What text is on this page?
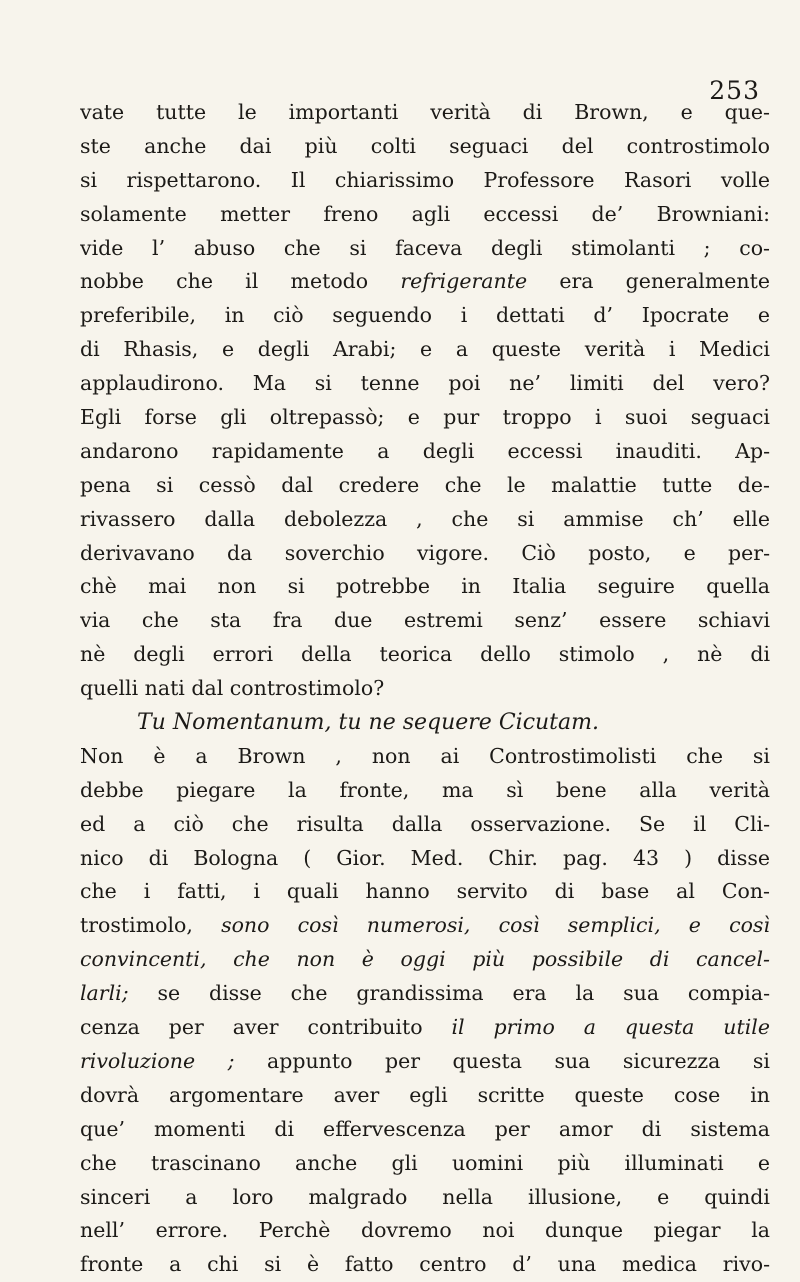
253
vate tutte le importanti verità di Brown, e que-
ste anche dai più colti seguaci del controstimolo
si rispettarono. Il chiarissimo Professore Rasori volle
solamente metter freno agli eccessi de’ Browniani:
vide l’ abuso che si faceva degli stimolanti ; co-
nobbe che il metodo refrigerante era generalmente
preferibile, in ciò seguendo i dettati d’ Ipocrate e
di Rhasis, e degli Arabi; e a queste verità i Medici
applaudirono. Ma si tenne poi ne’ limiti del vero?
Egli forse gli oltrepassò; e pur troppo i suoi seguaci
andarono rapidamente a degli eccessi inauditi. Ap-
pena si cessò dal credere che le malattie tutte de-
rivassero dalla debolezza , che si ammise ch’ elle
derivavano da soverchio vigore. Ciò posto, e per-
chè mai non si potrebbe in Italia seguire quella
via che sta fra due estremi senz’ essere schiavi
nè degli errori della teorica dello stimolo , nè di
quelli nati dal controstimolo?
Tu Nomentanum, tu ne sequere Cicutam.
Non è a Brown , non ai Controstimolisti che si
debbe piegare la fronte, ma sì bene alla verità
ed a ciò che risulta dalla osservazione. Se il Cli-
nico di Bologna ( Gior. Med. Chir. pag. 43 ) disse
che i fatti, i quali hanno servito di base al Con-
trostimolo, sono così numerosi, così semplici, e così
convincenti, che non è oggi più possibile di cancel-
larli; se disse che grandissima era la sua compia-
cenza per aver contribuito il primo a questa utile
rivoluzione ; appunto per questa sua sicurezza si
dovrà argomentare aver egli scritte queste cose in
que’ momenti di effervescenza per amor di sistema
che trascinano anche gli uomini più illuminati e
sinceri a loro malgrado nella illusione, e quindi
nell’ errore. Perchè dovremo noi dunque piegar la
fronte a chi si è fatto centro d’ una medica rivo-
